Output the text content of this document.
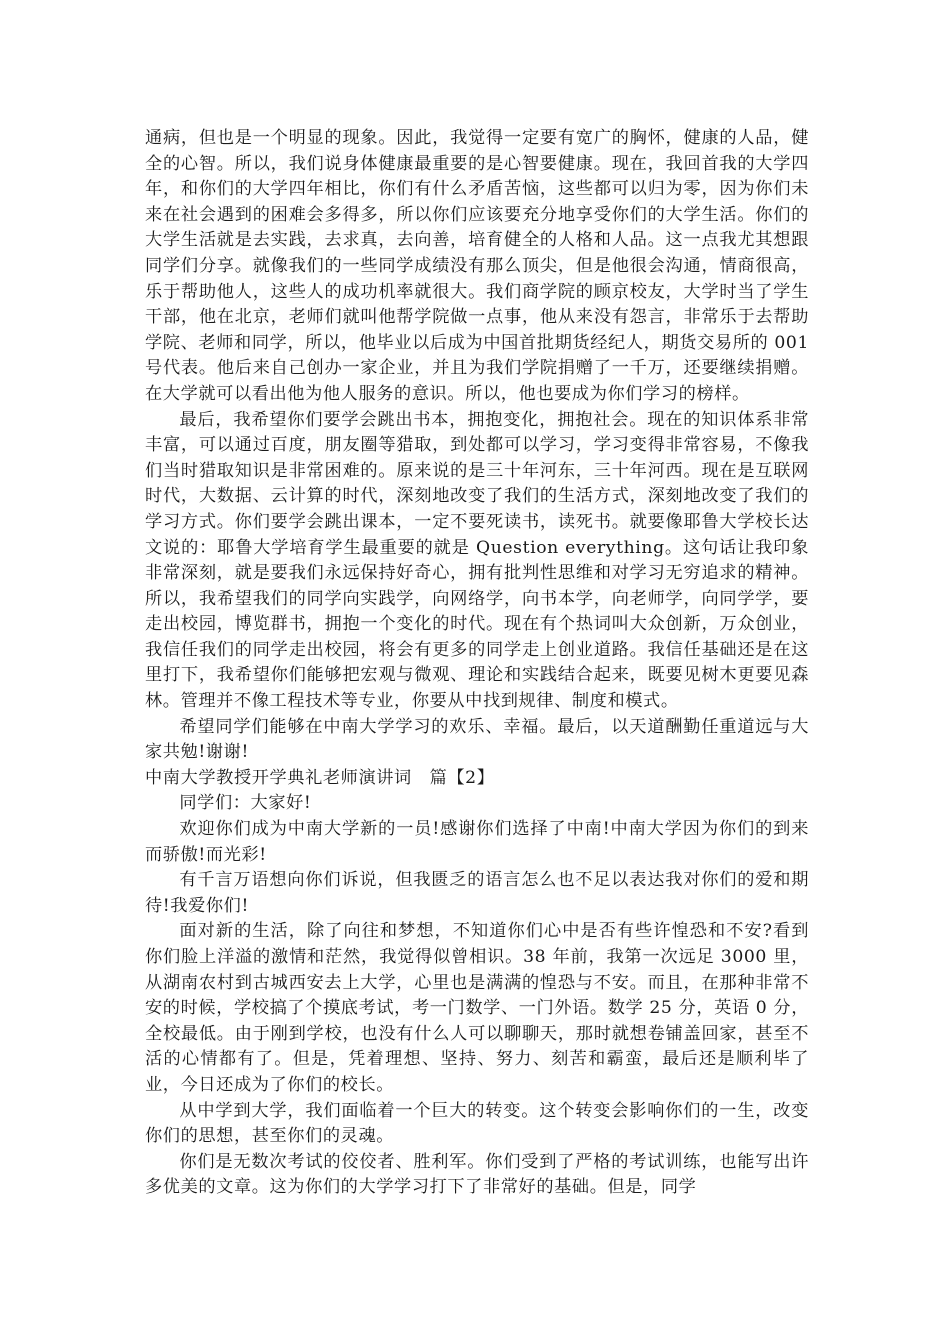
通病，但也是一个明显的现象。因此，我觉得一定要有宽广的胸怀，健康的人品，健全的心智。所以，我们说身体健康最重要的是心智要健康。现在，我回首我的大学四年，和你们的大学四年相比，你们有什么矛盾苦恼，这些都可以归为零，因为你们未来在社会遇到的困难会多得多，所以你们应该要充分地享受你们的大学生活。你们的大学生活就是去实践，去求真，去向善，培育健全的人格和人品。这一点我尤其想跟同学们分享。就像我们的一些同学成绩没有那么顶尖，但是他很会沟通，情商很高，乐于帮助他人，这些人的成功机率就很大。我们商学院的顾京校友，大学时当了学生干部，他在北京，老师们就叫他帮学院做一点事，他从来没有怨言，非常乐于去帮助学院、老师和同学，所以，他毕业以后成为中国首批期货经纪人，期货交易所的 001 号代表。他后来自己创办一家企业，并且为我们学院捐赠了一千万，还要继续捐赠。在大学就可以看出他为他人服务的意识。所以，他也要成为你们学习的榜样。

最后，我希望你们要学会跳出书本，拥抱变化，拥抱社会。现在的知识体系非常丰富，可以通过百度，朋友圈等猎取，到处都可以学习，学习变得非常容易，不像我们当时猎取知识是非常困难的。原来说的是三十年河东，三十年河西。现在是互联网时代，大数据、云计算的时代，深刻地改变了我们的生活方式，深刻地改变了我们的学习方式。你们要学会跳出课本，一定不要死读书，读死书。就要像耶鲁大学校长达文说的：耶鲁大学培育学生最重要的就是 Question everything。这句话让我印象非常深刻，就是要我们永远保持好奇心，拥有批判性思维和对学习无穷追求的精神。所以，我希望我们的同学向实践学，向网络学，向书本学，向老师学，向同学学，要走出校园，博览群书，拥抱一个变化的时代。现在有个热词叫大众创新，万众创业，我信任我们的同学走出校园，将会有更多的同学走上创业道路。我信任基础还是在这里打下，我希望你们能够把宏观与微观、理论和实践结合起来，既要见树木更要见森林。管理并不像工程技术等专业，你要从中找到规律、制度和模式。

希望同学们能够在中南大学学习的欢乐、幸福。最后，以天道酬勤任重道远与大家共勉!谢谢!

中南大学教授开学典礼老师演讲词　篇【2】

同学们：大家好!

欢迎你们成为中南大学新的一员!感谢你们选择了中南!中南大学因为你们的到来而骄傲!而光彩!

有千言万语想向你们诉说，但我匮乏的语言怎么也不足以表达我对你们的爱和期待!我爱你们!

面对新的生活，除了向往和梦想，不知道你们心中是否有些许惶恐和不安?看到你们脸上洋溢的激情和茫然，我觉得似曾相识。38 年前，我第一次远足 3000 里，从湖南农村到古城西安去上大学，心里也是满满的惶恐与不安。而且，在那种非常不安的时候，学校搞了个摸底考试，考一门数学、一门外语。数学 25 分，英语 0 分，全校最低。由于刚到学校，也没有什么人可以聊聊天，那时就想卷铺盖回家，甚至不活的心情都有了。但是，凭着理想、坚持、努力、刻苦和霸蛮，最后还是顺利毕了业，今日还成为了你们的校长。

从中学到大学，我们面临着一个巨大的转变。这个转变会影响你们的一生，改变你们的思想，甚至你们的灵魂。

你们是无数次考试的佼佼者、胜利军。你们受到了严格的考试训练，也能写出许多优美的文章。这为你们的大学学习打下了非常好的基础。但是，同学
